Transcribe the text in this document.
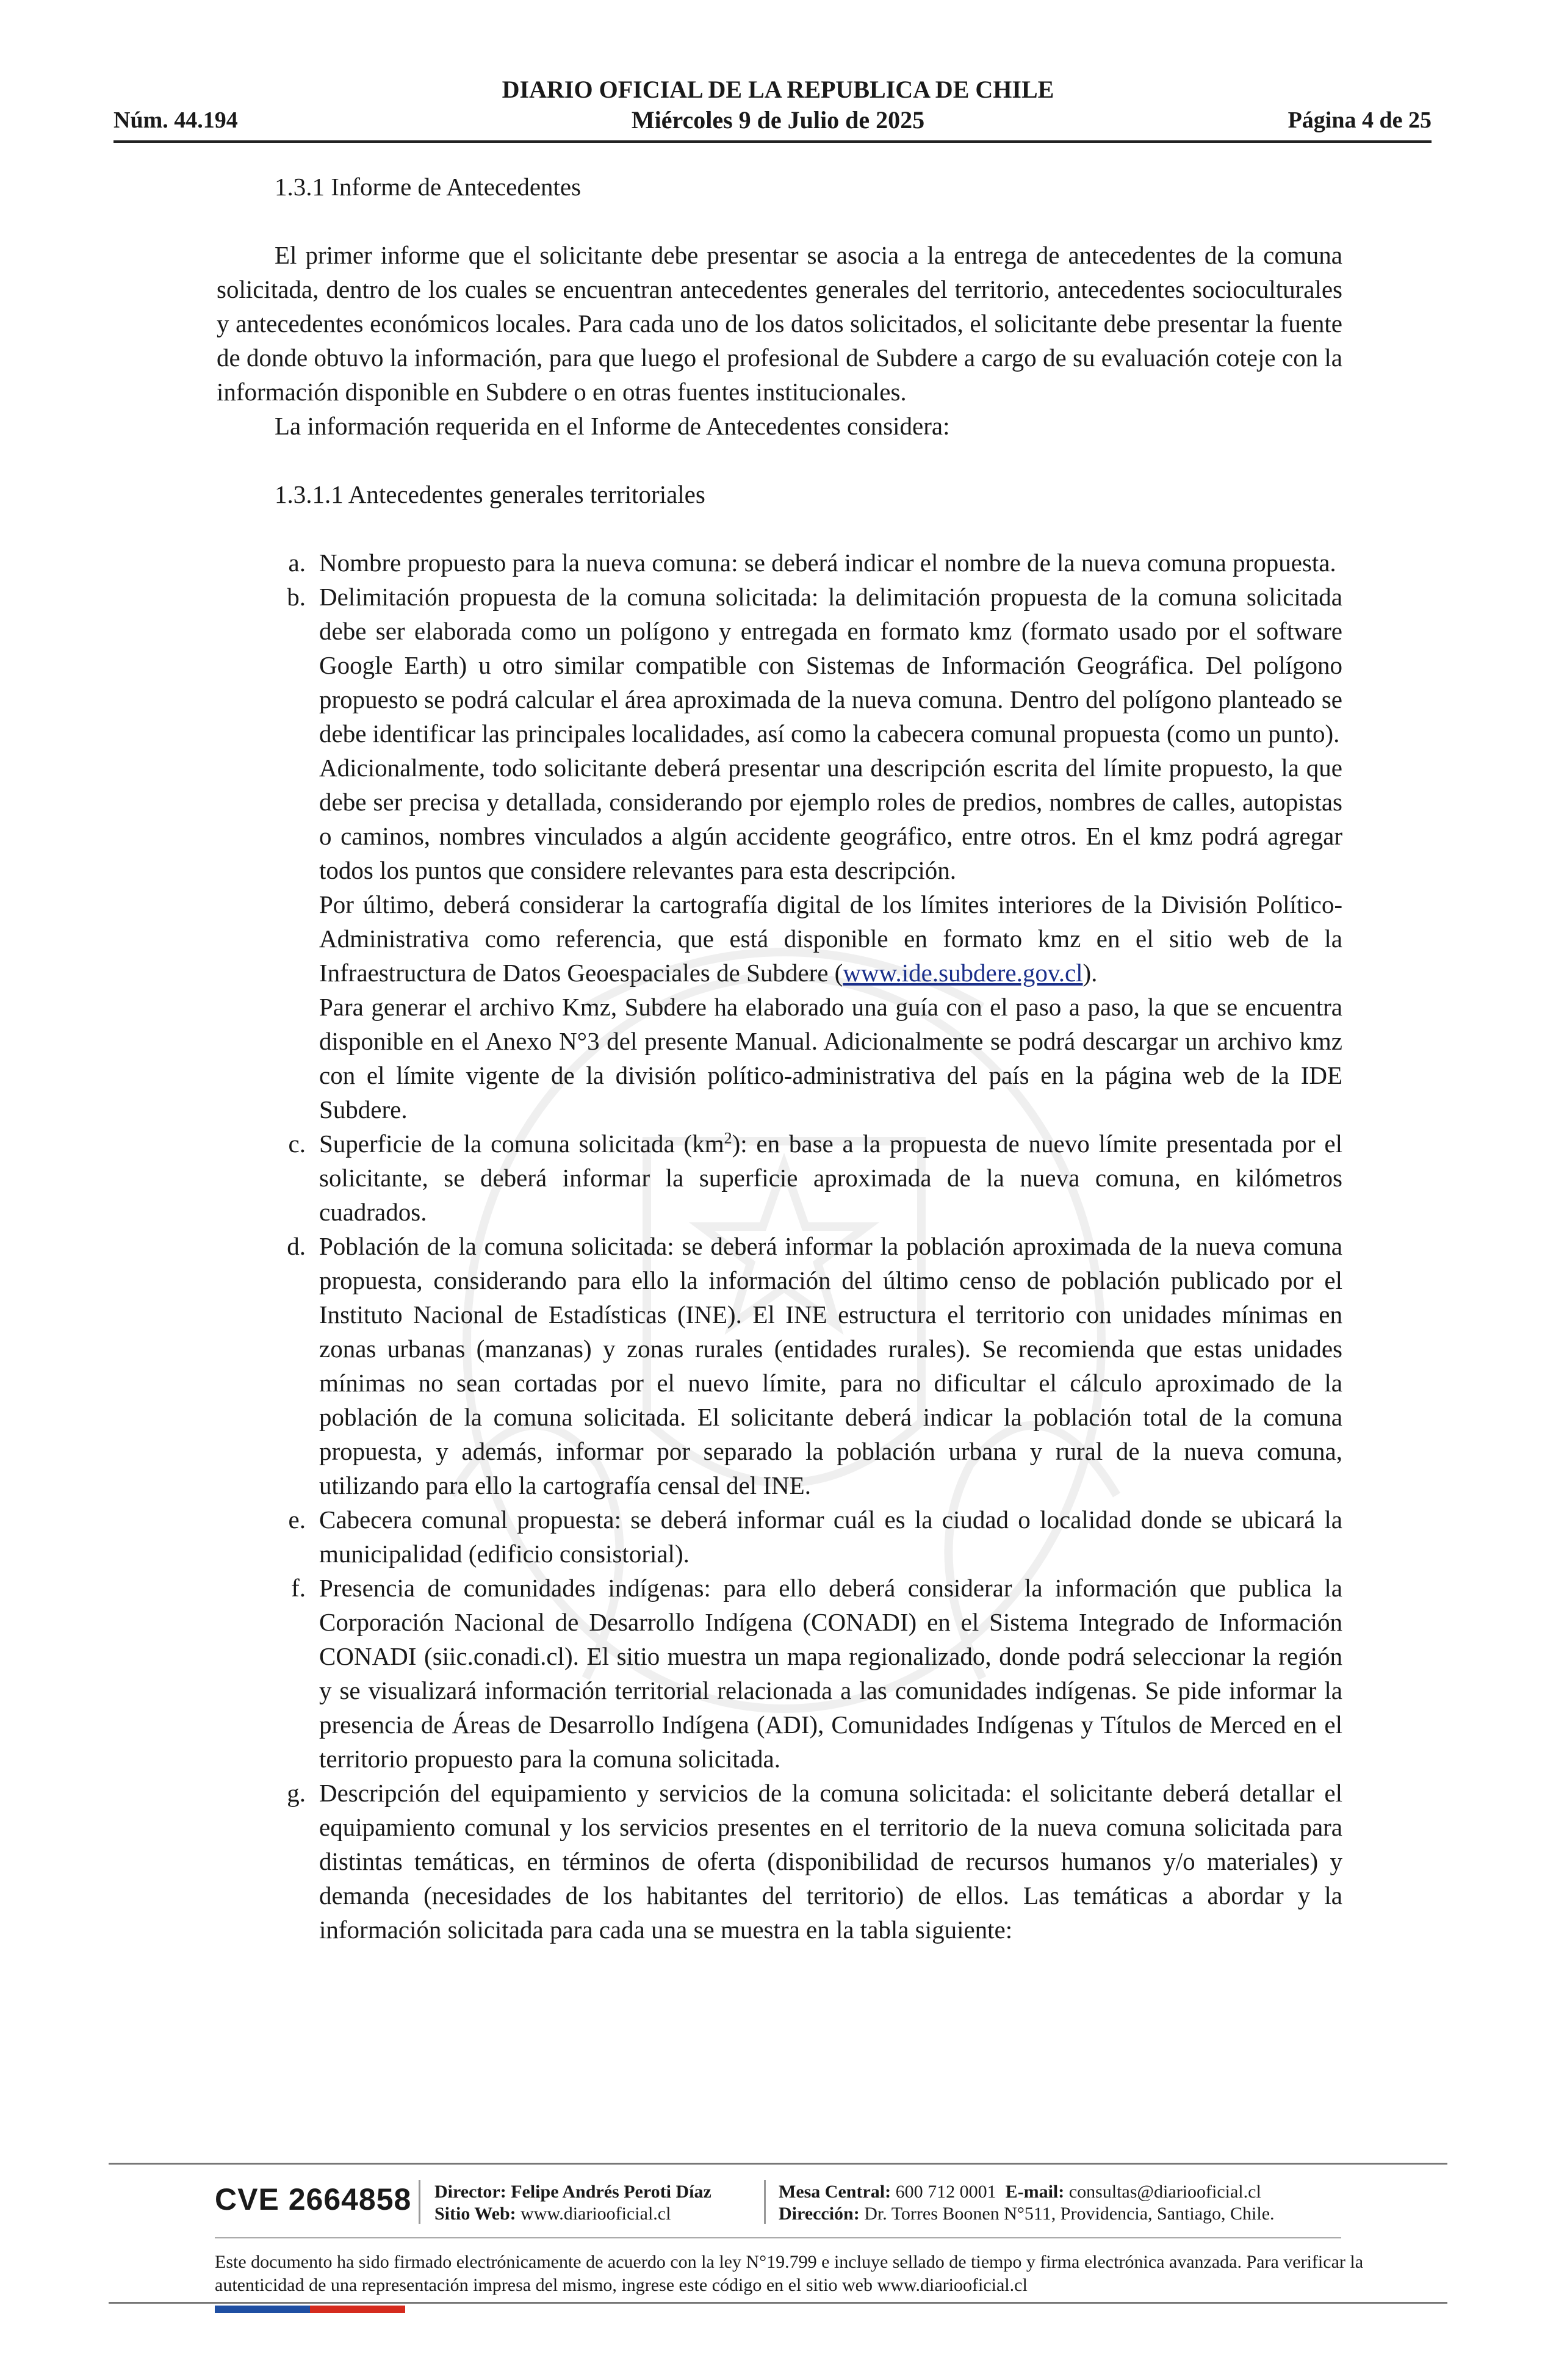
DIARIO OFICIAL DE LA REPUBLICA DE CHILE
Miércoles 9 de Julio de 2025
Núm. 44.194	Página 4 de 25
1.3.1 Informe de Antecedentes
El primer informe que el solicitante debe presentar se asocia a la entrega de antecedentes de la comuna solicitada, dentro de los cuales se encuentran antecedentes generales del territorio, antecedentes socioculturales y antecedentes económicos locales. Para cada uno de los datos solicitados, el solicitante debe presentar la fuente de donde obtuvo la información, para que luego el profesional de Subdere a cargo de su evaluación coteje con la información disponible en Subdere o en otras fuentes institucionales.
La información requerida en el Informe de Antecedentes considera:
1.3.1.1 Antecedentes generales territoriales
a. Nombre propuesto para la nueva comuna: se deberá indicar el nombre de la nueva comuna propuesta.

b. Delimitación propuesta de la comuna solicitada: la delimitación propuesta de la comuna solicitada debe ser elaborada como un polígono y entregada en formato kmz (formato usado por el software Google Earth) u otro similar compatible con Sistemas de Información Geográfica. Del polígono propuesto se podrá calcular el área aproximada de la nueva comuna. Dentro del polígono planteado se debe identificar las principales localidades, así como la cabecera comunal propuesta (como un punto).

Adicionalmente, todo solicitante deberá presentar una descripción escrita del límite propuesto, la que debe ser precisa y detallada, considerando por ejemplo roles de predios, nombres de calles, autopistas o caminos, nombres vinculados a algún accidente geográfico, entre otros. En el kmz podrá agregar todos los puntos que considere relevantes para esta descripción.

Por último, deberá considerar la cartografía digital de los límites interiores de la División Político-Administrativa como referencia, que está disponible en formato kmz en el sitio web de la Infraestructura de Datos Geoespaciales de Subdere (www.ide.subdere.gov.cl).

Para generar el archivo Kmz, Subdere ha elaborado una guía con el paso a paso, la que se encuentra disponible en el Anexo N°3 del presente Manual. Adicionalmente se podrá descargar un archivo kmz con el límite vigente de la división político-administrativa del país en la página web de la IDE Subdere.

c. Superficie de la comuna solicitada $(km^2)$: en base a la propuesta de nuevo límite presentada por el solicitante, se deberá informar la superficie aproximada de la nueva comuna, en kilómetros cuadrados.

d. Población de la comuna solicitada: se deberá informar la población aproximada de la nueva comuna propuesta, considerando para ello la información del último censo de población publicado por el Instituto Nacional de Estadísticas (INE). El INE estructura el territorio con unidades mínimas en zonas urbanas (manzanas) y zonas rurales (entidades rurales). Se recomienda que estas unidades mínimas no sean cortadas por el nuevo límite, para no dificultar el cálculo aproximado de la población de la comuna solicitada. El solicitante deberá indicar la población total de la comuna propuesta, y además, informar por separado la población urbana y rural de la nueva comuna, utilizando para ello la cartografía censal del INE.

e. Cabecera comunal propuesta: se deberá informar cuál es la ciudad o localidad donde se ubicará la municipalidad (edificio consistorial).

f. Presencia de comunidades indígenas: para ello deberá considerar la información que publica la Corporación Nacional de Desarrollo Indígena (CONADI) en el Sistema Integrado de Información CONADI (siic.conadi.cl). El sitio muestra un mapa regionalizado, donde podrá seleccionar la región y se visualizará información territorial relacionada a las comunidades indígenas. Se pide informar la presencia de Áreas de Desarrollo Indígena (ADI), Comunidades Indígenas y Títulos de Merced en el territorio propuesto para la comuna solicitada.

g. Descripción del equipamiento y servicios de la comuna solicitada: el solicitante deberá detallar el equipamiento comunal y los servicios presentes en el territorio de la nueva comuna solicitada para distintas temáticas, en términos de oferta (disponibilidad de recursos humanos y/o materiales) y demanda (necesidades de los habitantes del territorio) de ellos. Las temáticas a abordar y la información solicitada para cada una se muestra en la tabla siguiente:

CVE 2664858 Director: Felipe Andrés Peroti Díaz
Sitio Web: www.diariooficial.cl
Mesa Central: 600 712 0001 E-mail: consultas@diariooficial.cl
Dirección: Dr. Torres Boonen N°511, Providencia, Santiago, Chile.
Este documento ha sido firmado electrónicamente de acuerdo con la ley N°19.799 e incluye sellado de tiempo y firma electrónica avanzada. Para verificar la autenticidad de una representación impresa del mismo, ingrese este código en el sitio web www.diariooficial.cl
